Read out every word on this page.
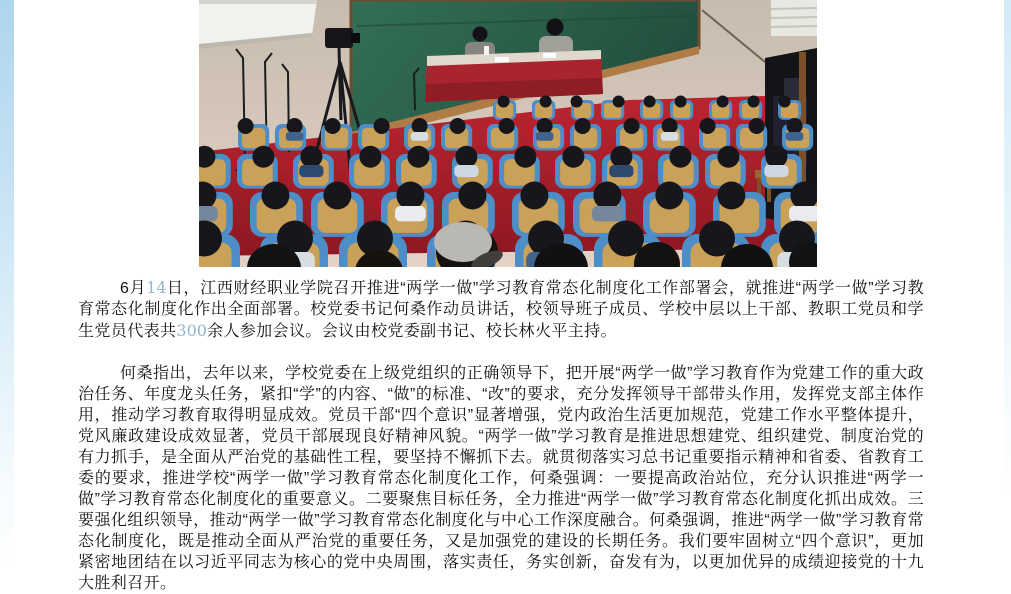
6月14日，江西财经职业学院召开推进“两学一做”学习教育常态化制度化工作部署会，就推进“两学一做”学习教育常态化制度化作出全面部署。校党委书记何桑作动员讲话，校领导班子成员、学校中层以上干部、教职工党员和学生党员代表共300余人参加会议。会议由校党委副书记、校长林火平主持。

何桑指出，去年以来，学校党委在上级党组织的正确领导下，把开展“两学一做”学习教育作为党建工作的重大政治任务、年度龙头任务，紧扣“学”的内容、“做”的标准、“改”的要求，充分发挥领导干部带头作用，发挥党支部主体作用，推动学习教育取得明显成效。党员干部“四个意识”显著增强，党内政治生活更加规范，党建工作水平整体提升，党风廉政建设成效显著，党员干部展现良好精神风貌。“两学一做”学习教育是推进思想建党、组织建党、制度治党的有力抓手，是全面从严治党的基础性工程，要坚持不懈抓下去。就贯彻落实习总书记重要指示精神和省委、省教育工委的要求，推进学校“两学一做”学习教育常态化制度化工作，何桑强调：一要提高政治站位，充分认识推进“两学一做”学习教育常态化制度化的重要意义。二要聚焦目标任务，全力推进“两学一做”学习教育常态化制度化抓出成效。三要强化组织领导，推动“两学一做”学习教育常态化制度化与中心工作深度融合。何桑强调，推进“两学一做”学习教育常态化制度化，既是推动全面从严治党的重要任务，又是加强党的建设的长期任务。我们要牢固树立“四个意识”，更加紧密地团结在以习近平同志为核心的党中央周围，落实责任，务实创新，奋发有为，以更加优异的成绩迎接党的十九大胜利召开。
